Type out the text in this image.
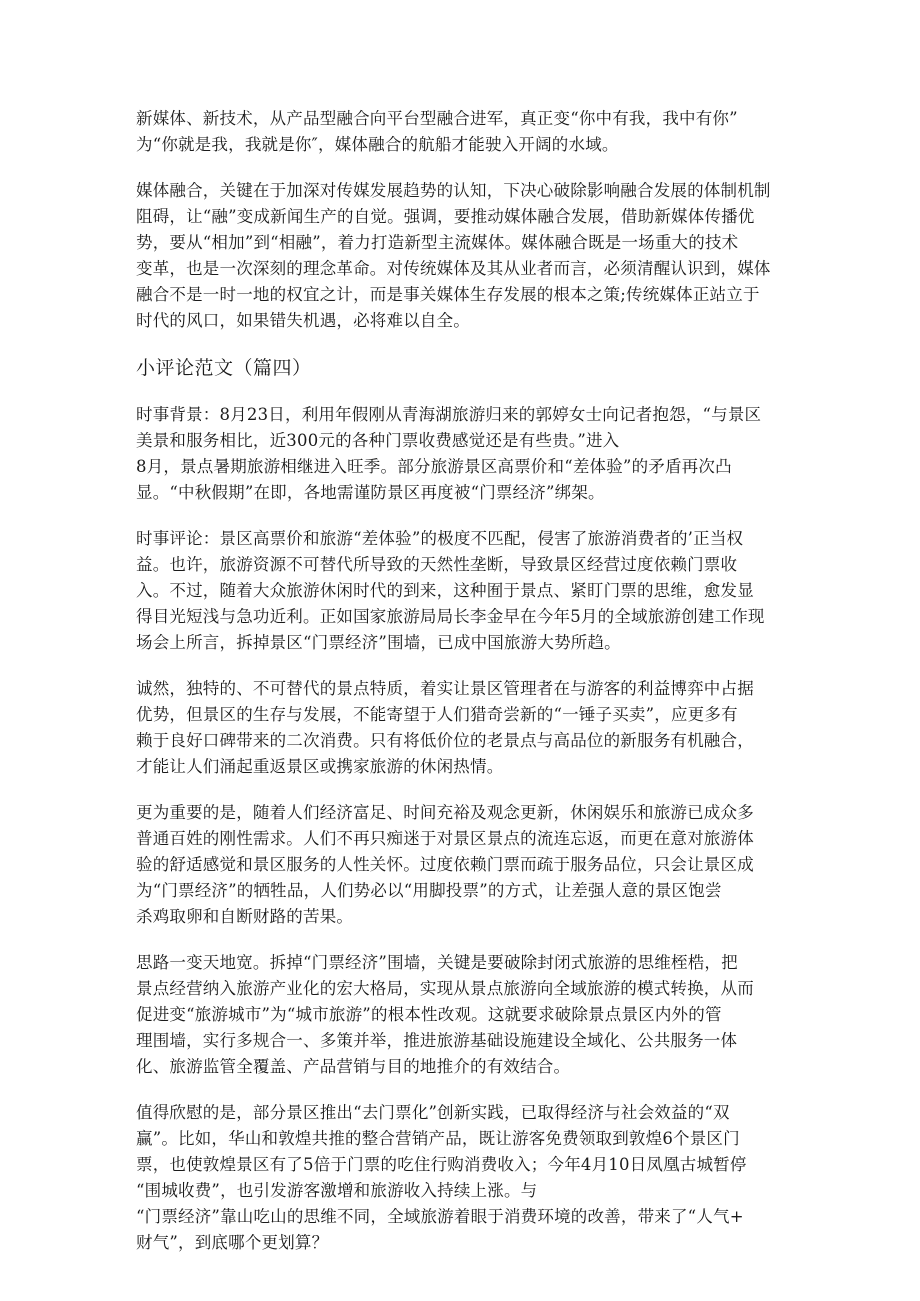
新媒体、新技术，从产品型融合向平台型融合进军，真正变“你中有我，我中有你”
为“你就是我，我就是你″，媒体融合的航船才能驶入开阔的水域。
媒体融合，关键在于加深对传媒发展趋势的认知，下决心破除影响融合发展的体制机制
阻碍，让“融”变成新闻生产的自觉。强调，要推动媒体融合发展，借助新媒体传播优
势，要从“相加”到“相融”，着力打造新型主流媒体。媒体融合既是一场重大的技术
变革，也是一次深刻的理念革命。对传统媒体及其从业者而言，必须清醒认识到，媒体
融合不是一时一地的权宜之计，而是事关媒体生存发展的根本之策;传统媒体正站立于
时代的风口，如果错失机遇，必将难以自全。
小评论范文（篇四）
时事背景：8月23日，利用年假刚从青海湖旅游归来的郭婷女士向记者抱怨，“与景区
美景和服务相比，近300元的各种门票收费感觉还是有些贵。”进入
8月，景点暑期旅游相继进入旺季。部分旅游景区高票价和“差体验”的矛盾再次凸
显。“中秋假期”在即，各地需谨防景区再度被“门票经济”绑架。
时事评论：景区高票价和旅游“差体验”的极度不匹配，侵害了旅游消费者的’正当权
益。也许，旅游资源不可替代所导致的天然性垄断，导致景区经营过度依赖门票收
入。不过，随着大众旅游休闲时代的到来，这种囿于景点、紧盯门票的思维，愈发显
得目光短浅与急功近利。正如国家旅游局局长李金早在今年5月的全域旅游创建工作现
场会上所言，拆掉景区“门票经济”围墙，已成中国旅游大势所趋。
诚然，独特的、不可替代的景点特质，着实让景区管理者在与游客的利益博弈中占据
优势，但景区的生存与发展，不能寄望于人们猎奇尝新的“一锤子买卖”，应更多有
赖于良好口碑带来的二次消费。只有将低价位的老景点与高品位的新服务有机融合，
才能让人们涌起重返景区或携家旅游的休闲热情。
更为重要的是，随着人们经济富足、时间充裕及观念更新，休闲娱乐和旅游已成众多
普通百姓的刚性需求。人们不再只痴迷于对景区景点的流连忘返，而更在意对旅游体
验的舒适感觉和景区服务的人性关怀。过度依赖门票而疏于服务品位，只会让景区成
为“门票经济”的牺牲品，人们势必以“用脚投票”的方式，让差强人意的景区饱尝
杀鸡取卵和自断财路的苦果。
思路一变天地宽。拆掉“门票经济”围墙，关键是要破除封闭式旅游的思维桎梏，把
景点经营纳入旅游产业化的宏大格局，实现从景点旅游向全域旅游的模式转换，从而
促进变“旅游城市”为“城市旅游”的根本性改观。这就要求破除景点景区内外的管
理围墙，实行多规合一、多策并举，推进旅游基础设施建设全域化、公共服务一体
化、旅游监管全覆盖、产品营销与目的地推介的有效结合。
值得欣慰的是，部分景区推出“去门票化”创新实践，已取得经济与社会效益的“双
赢”。比如，华山和敦煌共推的整合营销产品，既让游客免费领取到敦煌6个景区门
票，也使敦煌景区有了5倍于门票的吃住行购消费收入；今年4月10日凤凰古城暂停
“围城收费”，也引发游客激增和旅游收入持续上涨。与
“门票经济”靠山吃山的思维不同，全域旅游着眼于消费环境的改善，带来了“人气+
财气”，到底哪个更划算？
